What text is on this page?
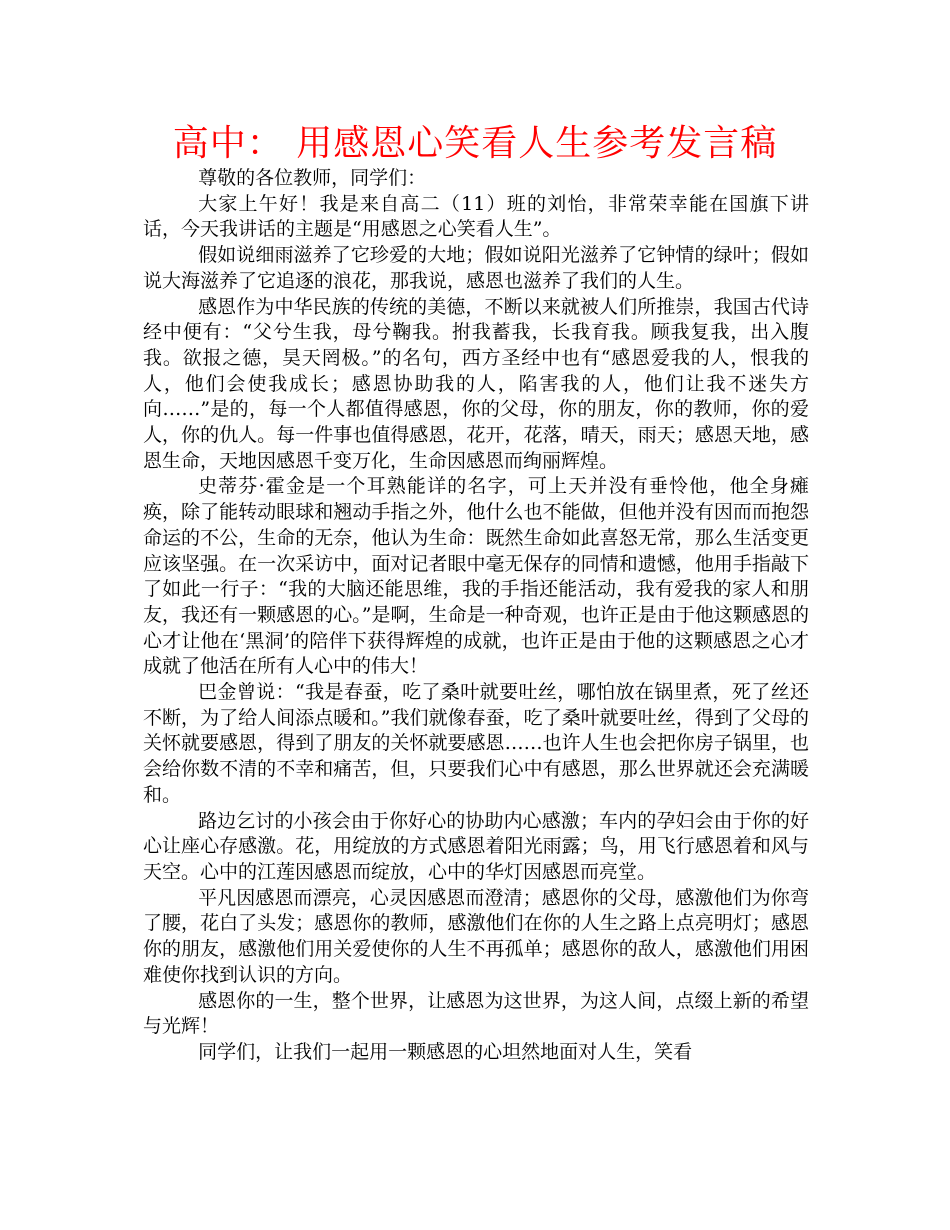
高中： 用感恩心笑看人生参考发言稿

尊敬的各位教师，同学们：

大家上午好！我是来自高二（11）班的刘怡，非常荣幸能在国旗下讲话，今天我讲话的主题是“用感恩之心笑看人生”。

假如说细雨滋养了它珍爱的大地；假如说阳光滋养了它钟情的绿叶；假如说大海滋养了它追逐的浪花，那我说，感恩也滋养了我们的人生。

感恩作为中华民族的传统的美德，不断以来就被人们所推崇，我国古代诗经中便有：“父兮生我，母兮鞠我。拊我蓄我，长我育我。顾我复我，出入腹我。欲报之德，昊天罔极。”的名句，西方圣经中也有“感恩爱我的人，恨我的人，他们会使我成长；感恩协助我的人，陷害我的人，他们让我不迷失方向……”是的，每一个人都值得感恩，你的父母，你的朋友，你的教师，你的爱人，你的仇人。每一件事也值得感恩，花开，花落，晴天，雨天；感恩天地，感恩生命，天地因感恩千变万化，生命因感恩而绚丽辉煌。

史蒂芬·霍金是一个耳熟能详的名字，可上天并没有垂怜他，他全身瘫痪，除了能转动眼球和翘动手指之外，他什么也不能做，但他并没有因而而抱怨命运的不公，生命的无奈，他认为生命：既然生命如此喜怒无常，那么生活变更应该坚强。在一次采访中，面对记者眼中毫无保存的同情和遗憾，他用手指敲下了如此一行子：“我的大脑还能思维，我的手指还能活动，我有爱我的家人和朋友，我还有一颗感恩的心。”是啊，生命是一种奇观，也许正是由于他这颗感恩的心才让他在‘黑洞’的陪伴下获得辉煌的成就，也许正是由于他的这颗感恩之心才成就了他活在所有人心中的伟大！

巴金曾说：“我是春蚕，吃了桑叶就要吐丝，哪怕放在锅里煮，死了丝还不断，为了给人间添点暖和。”我们就像春蚕，吃了桑叶就要吐丝，得到了父母的关怀就要感恩，得到了朋友的关怀就要感恩……也许人生也会把你房子锅里，也会给你数不清的不幸和痛苦，但，只要我们心中有感恩，那么世界就还会充满暖和。

路边乞讨的小孩会由于你好心的协助内心感激；车内的孕妇会由于你的好心让座心存感激。花，用绽放的方式感恩着阳光雨露；鸟，用飞行感恩着和风与天空。心中的江莲因感恩而绽放，心中的华灯因感恩而亮堂。

平凡因感恩而漂亮，心灵因感恩而澄清；感恩你的父母，感激他们为你弯了腰，花白了头发；感恩你的教师，感激他们在你的人生之路上点亮明灯；感恩你的朋友，感激他们用关爱使你的人生不再孤单；感恩你的敌人，感激他们用困难使你找到认识的方向。

感恩你的一生，整个世界，让感恩为这世界，为这人间，点缀上新的希望与光辉！

同学们，让我们一起用一颗感恩的心坦然地面对人生，笑看
